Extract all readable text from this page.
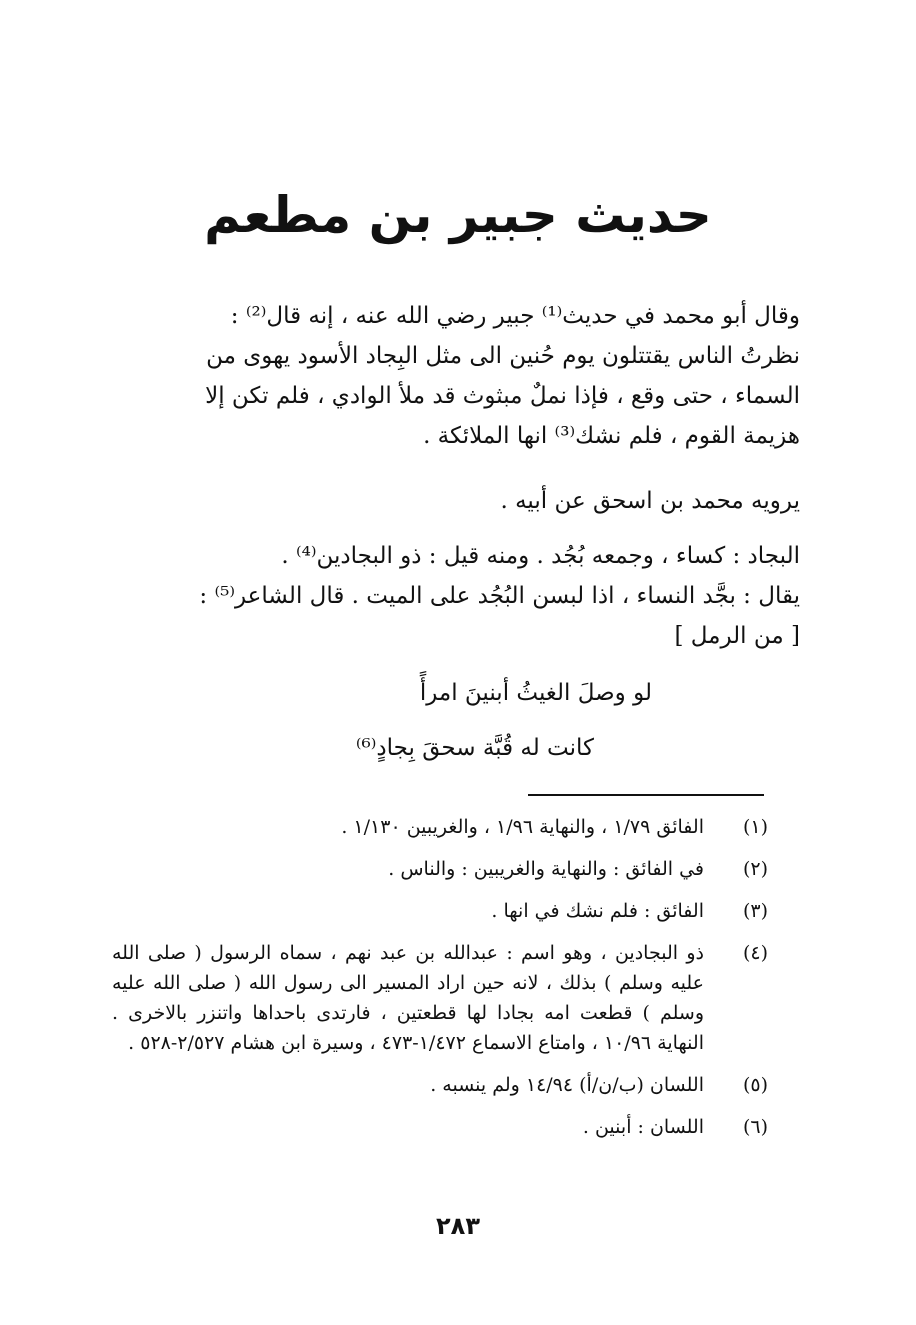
حديث جبير بن مطعم

وقال أبو محمد في حديث⁽¹⁾ جبير رضي الله عنه ، إنه قال⁽²⁾ :

نظرتُ الناس يقتتلون يوم حُنين الى مثل البِجاد الأسود يهوى من

السماء ، حتى وقع ، فإذا نملٌ مبثوث قد ملأ الوادي ، فلم تكن إلا

هزيمة القوم ، فلم نشك⁽³⁾ انها الملائكة .

يرويه محمد بن اسحق عن أبيه .

البجاد : كساء ، وجمعه بُجُد . ومنه قيل : ذو البجادين⁽⁴⁾ .

يقال : بجَّد النساء ، اذا لبسن البُجُد على الميت . قال الشاعر⁽⁵⁾ :

[ من الرمل ]

لو وصلَ الغيثُ أبنينَ امرأً
كانت له قُبَّة سحقَ بِجادٍ⁽⁶⁾
(١)

الفائق ١/٧٩ ، والنهاية ١/٩٦ ، والغريبين ١/١٣٠ .

(٢)

في الفائق : والنهاية والغريبين : والناس .

(٣)

الفائق : فلم نشك في انها .

(٤)

ذو البجادين ، وهو اسم : عبدالله بن عبد نهم ، سماه الرسول ( صلى الله عليه وسلم ) بذلك ، لانه حين اراد المسير الى رسول الله ( صلى الله عليه وسلم ) قطعت امه بجادا لها قطعتين ، فارتدى باحداها واتنزر بالاخرى . النهاية ١٠/٩٦ ، وامتاع الاسماع ١/٤٧٢-٤٧٣ ، وسيرة ابن هشام ٢/٥٢٧-٥٢٨ .

(٥)

اللسان (ب/ن/أ) ١٤/٩٤ ولم ينسبه .

(٦)

اللسان : أبنين .

٢٨٣
